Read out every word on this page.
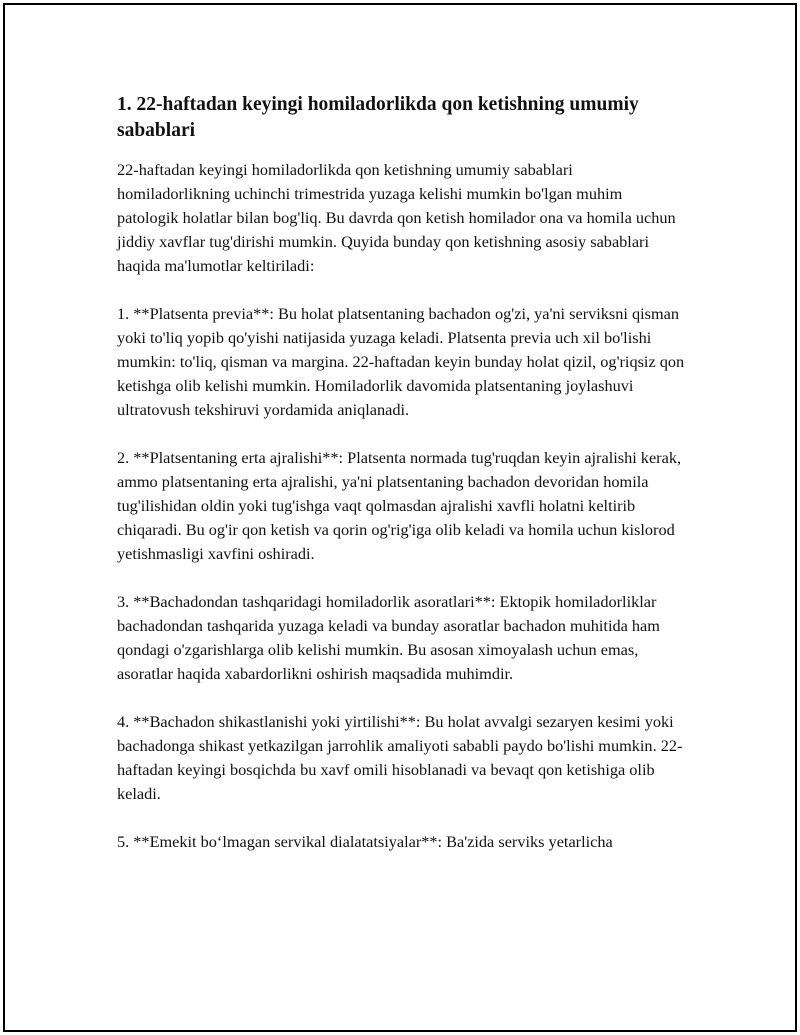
1. 22-haftadan keyingi homiladorlikda qon ketishning umumiy sabablari

22-haftadan keyingi homiladorlikda qon ketishning umumiy sabablari homiladorlikning uchinchi trimestrida yuzaga kelishi mumkin bo'lgan muhim patologik holatlar bilan bog'liq. Bu davrda qon ketish homilador ona va homila uchun jiddiy xavflar tug'dirishi mumkin. Quyida bunday qon ketishning asosiy sabablari haqida ma'lumotlar keltiriladi:

1. **Platsenta previa**: Bu holat platsentaning bachadon og'zi, ya'ni serviksni qisman yoki to'liq yopib qo'yishi natijasida yuzaga keladi. Platsenta previa uch xil bo'lishi mumkin: to'liq, qisman va margina. 22-haftadan keyin bunday holat qizil, og'riqsiz qon ketishga olib kelishi mumkin. Homiladorlik davomida platsentaning joylashuvi ultratovush tekshiruvi yordamida aniqlanadi.

2. **Platsentaning erta ajralishi**: Platsenta normada tug'ruqdan keyin ajralishi kerak, ammo platsentaning erta ajralishi, ya'ni platsentaning bachadon devoridan homila tug'ilishidan oldin yoki tug'ishga vaqt qolmasdan ajralishi xavfli holatni keltirib chiqaradi. Bu og'ir qon ketish va qorin og'rig'iga olib keladi va homila uchun kislorod yetishmasligi xavfini oshiradi.

3. **Bachadondan tashqaridagi homiladorlik asoratlari**: Ektopik homiladorliklar bachadondan tashqarida yuzaga keladi va bunday asoratlar bachadon muhitida ham qondagi o'zgarishlarga olib kelishi mumkin. Bu asosan ximoyalash uchun emas, asoratlar haqida xabardorlikni oshirish maqsadida muhimdir.

4. **Bachadon shikastlanishi yoki yirtilishi**: Bu holat avvalgi sezaryen kesimi yoki bachadonga shikast yetkazilgan jarrohlik amaliyoti sababli paydo bo'lishi mumkin. 22-haftadan keyingi bosqichda bu xavf omili hisoblanadi va bevaqt qon ketishiga olib keladi.

5. **Emekit bo‘lmagan servikal dialatatsiyalar**: Ba'zida serviks yetarlicha
